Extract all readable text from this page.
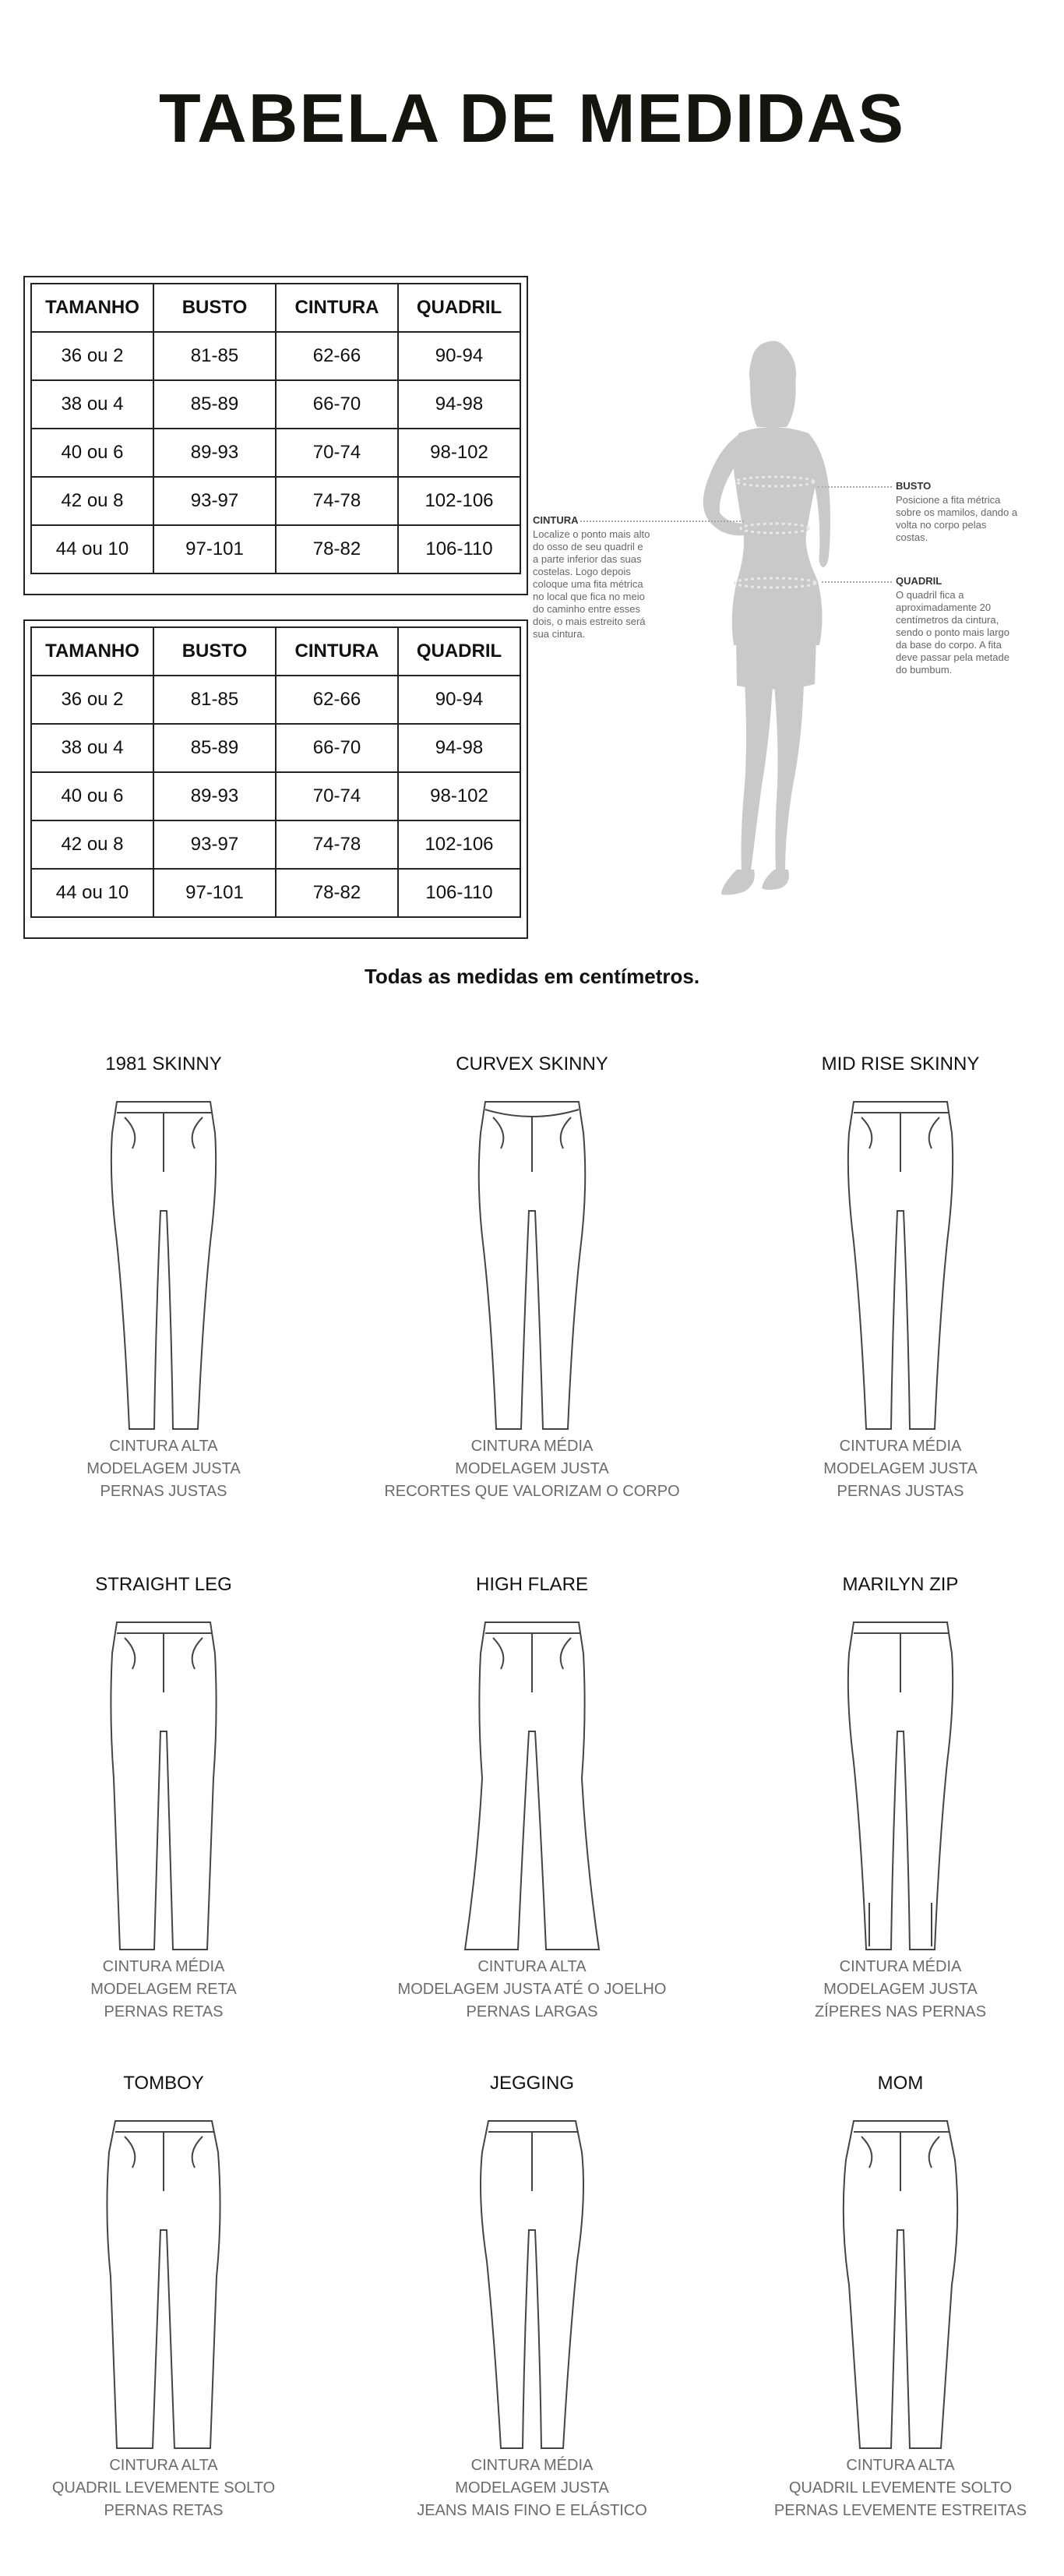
TABELA DE MEDIDAS
TAMANHO	BUSTO	CINTURA	QUADRIL
36 ou 2	81-85	62-66	90-94
38 ou 4	85-89	66-70	94-98
40 ou 6	89-93	70-74	98-102
42 ou 8	93-97	74-78	102-106
44 ou 10	97-101	78-82	106-110
TAMANHO	BUSTO	CINTURA	QUADRIL
36 ou 2	81-85	62-66	90-94
38 ou 4	85-89	66-70	94-98
40 ou 6	89-93	70-74	98-102
42 ou 8	93-97	74-78	102-106
44 ou 10	97-101	78-82	106-110
CINTURA
Localize o ponto mais alto
do osso de seu quadril e
a parte inferior das suas
costelas. Logo depois
coloque uma fita métrica
no local que fica no meio
do caminho entre esses
dois, o mais estreito será
sua cintura.
BUSTO
Posicione a fita métrica
sobre os mamilos, dando a
volta no corpo pelas
costas.
QUADRIL
O quadril fica a
aproximadamente 20
centímetros da cintura,
sendo o ponto mais largo
da base do corpo. A fita
deve passar pela metade
do bumbum.
Todas as medidas em centímetros.
1981 SKINNY
CINTURA ALTA
MODELAGEM JUSTA
PERNAS JUSTAS
CURVEX SKINNY
CINTURA MÉDIA
MODELAGEM JUSTA
RECORTES QUE VALORIZAM O CORPO
MID RISE SKINNY
CINTURA MÉDIA
MODELAGEM JUSTA
PERNAS JUSTAS
STRAIGHT LEG
CINTURA MÉDIA
MODELAGEM RETA
PERNAS RETAS
HIGH FLARE
CINTURA ALTA
MODELAGEM JUSTA ATÉ O JOELHO
PERNAS LARGAS
MARILYN ZIP
CINTURA MÉDIA
MODELAGEM JUSTA
ZÍPERES NAS PERNAS
TOMBOY
CINTURA ALTA
QUADRIL LEVEMENTE SOLTO
PERNAS RETAS
JEGGING
CINTURA MÉDIA
MODELAGEM JUSTA
JEANS MAIS FINO E ELÁSTICO
MOM
CINTURA ALTA
QUADRIL LEVEMENTE SOLTO
PERNAS LEVEMENTE ESTREITAS
